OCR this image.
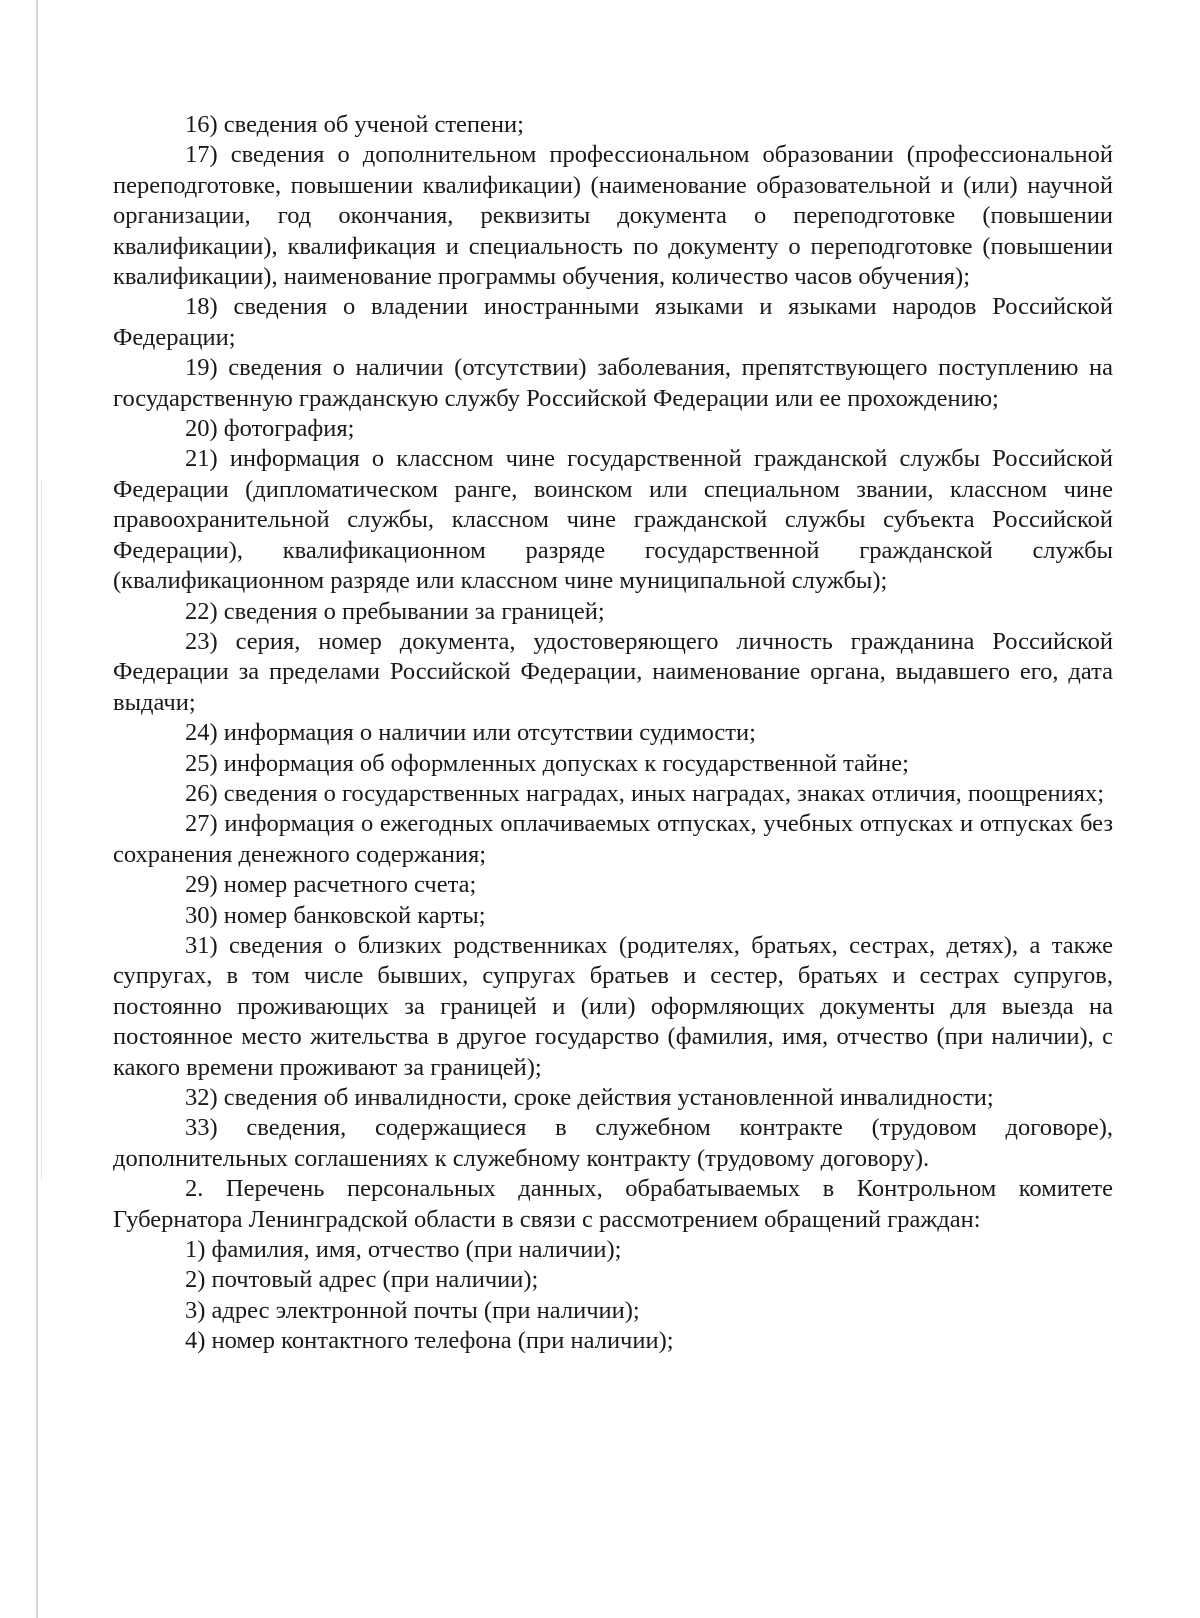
16) сведения об ученой степени;

17) сведения о дополнительном профессиональном образовании (профессиональной переподготовке, повышении квалификации) (наименование образовательной и (или) научной организации, год окончания, реквизиты документа о переподготовке (повышении квалификации), квалификация и специальность по документу о переподготовке (повышении квалификации), наименование программы обучения, количество часов обучения);

18) сведения о владении иностранными языками и языками народов Российской Федерации;

19) сведения о наличии (отсутствии) заболевания, препятствующего поступлению на государственную гражданскую службу Российской Федерации или ее прохождению;

20) фотография;

21) информация о классном чине государственной гражданской службы Российской Федерации (дипломатическом ранге, воинском или специальном звании, классном чине правоохранительной службы, классном чине гражданской службы субъекта Российской Федерации), квалификационном разряде государственной гражданской службы (квалификационном разряде или классном чине муниципальной службы);

22) сведения о пребывании за границей;

23) серия, номер документа, удостоверяющего личность гражданина Российской Федерации за пределами Российской Федерации, наименование органа, выдавшего его, дата выдачи;

24) информация о наличии или отсутствии судимости;

25) информация об оформленных допусках к государственной тайне;

26) сведения о государственных наградах, иных наградах, знаках отличия, поощрениях;

27) информация о ежегодных оплачиваемых отпусках, учебных отпусках и отпусках без сохранения денежного содержания;

29) номер расчетного счета;

30) номер банковской карты;

31) сведения о близких родственниках (родителях, братьях, сестрах, детях), а также супругах, в том числе бывших, супругах братьев и сестер, братьях и сестрах супругов, постоянно проживающих за границей и (или) оформляющих документы для выезда на постоянное место жительства в другое государство (фамилия, имя, отчество (при наличии), с какого времени проживают за границей);

32) сведения об инвалидности, сроке действия установленной инвалидности;

33) сведения, содержащиеся в служебном контракте (трудовом договоре), дополнительных соглашениях к служебному контракту (трудовому договору).

2. Перечень персональных данных, обрабатываемых в Контрольном комитете Губернатора Ленинградской области в связи с рассмотрением обращений граждан:

1) фамилия, имя, отчество (при наличии);

2) почтовый адрес (при наличии);

3) адрес электронной почты (при наличии);

4) номер контактного телефона (при наличии);
